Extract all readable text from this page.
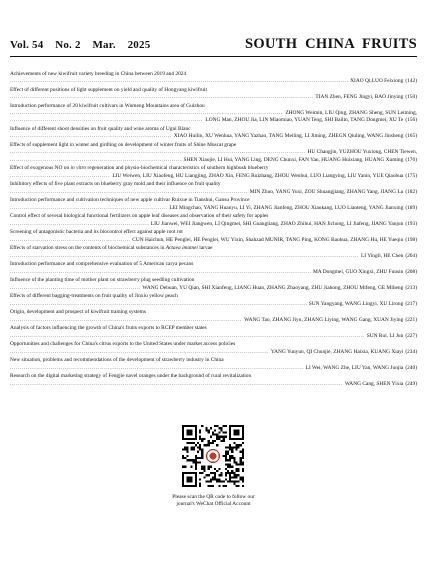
Vol. 54 No. 2 Mar. 2025	SOUTH  CHINA  FRUITS
Achievements of new kiwifruit variety breeding in China between 2019 and 2024
.....
XIAO Qi,LUO Feixiong (142)
Effect of different positions of light supplement on yield and quality of Hongyang kiwifruit
.....
TIAN Zhen, FENG Jingyi, BAO Jinying (150)
Introduction performance of 20 kiwifruit cultivars in Wumeng Mountains area of Guizhou
.....
ZHONG Weimin, LIU Qing, ZHANG Sheng, SUN Leiming,
.....
LONG Man, ZHOU Jia, LIN Miaomiao, YUAN Teng, SHI Bailin, TANG Dongmei, XU Te (156)
Influence of different shoot densities on fruit quality and wine aroma of Ugni Blanc
.....
XIAO Huilin, XU Wenhua, YANG Yazhao, TANG Meiling, LI Jiming, ZHEGN Qiuling, WANG Jinsheng (165)
Effects of supplement light in winter and girdling on development of winter fruits of Shine Muscat grape
.....
HU Changjin, YUZHOU Yuxiong, CHEN Tiewen,
.....
SHEN Xiaojie, LI Hui, YANG Ling, DENG Chunxi, FAN Yan, HUANG Huixiang, HUANG Xuming (170)
Effect of exogenous NO on in vitro regeneration and physio-biochemical characteristics of southern highbush blueberry
.....
LIU Weiwen, LIU Xiaofeng, HU Liangjing, ZHAO Xin, FENG Ruizhang, ZHOU Wenhui, LUO Liangying, LIU Yanin, YUE Qiaohua (175)
Inhibitory effects of five plant extracts on blueberry gray mold and their influence on fruit quality
.....
MIN Zhuo, YANG Yuxi, ZOU Shuangjiang, ZHANG Yang, JIANG Lu (182)
Introduction performance and cultivation techniques of new apple cultivar Ruixue in Tianshui, Gansu Province
.....
LEI Mingchao, YANG Huanyu, LI Yi, ZHANG Jianfeng, ZHOU Xiaokang, LUO Lianteng, YANG Jianxing (189)
Control effect of several biological functional fertilizers on apple leaf diseases and observation of their safety for apples
.....
LIU Jianwei, WEI Jiangwen, LI Qingmei, SHI Guangliang, ZHAO Zhihui, HAN Jichong, LI Jiafeng, JIANG Yanjun (193)
Screening of antagonistic bacteria and its biocontrol effect against apple root rot
.....
CUN Haichun, HE Penglei, HE Penglei, WU Yixin, Shahzad MUNIR, TANG Ping, KONG Baohua, ZHANG Hu, HE Yueqiu (198)
Effects of starvation stress on the contents of biochemical substances in Actaea imamei larvae
.....
LI Yingli, HE Chen (204)
Introduction performance and comprehensive evaluation of 5 American carya pecans
.....
MA Dongmei, GUO Xingxi, ZHU Funsin (208)
Influence of the planting time of mother plant on strawberry plug seedling cultivation
.....
WANG Debuan, YU Qian, SHI Xianfeng, LIANG Huan, ZHANG Zhaoyang, ZHU Jiahong, ZHOU Mifeng, GE Miheng (213)
Effects of different bagging-treatments on fruit quality of Jinxiu yellow peach
.....
SUN Yangyang, WANG Lingyi, XU Lirong (217)
Origin, development and prospect of kiwifruit training systems
.....
WANG Tao, ZHANG Jiyu, ZHANG Liying, WANG Gang, XUAN Jiying (221)
Analysis of factors influencing the growth of China's fruits exports to RCEP member states
.....
SUN Rui, LI Jun (227)
Opportunities and challenges for China's citrus exports to the United States under market access policies
.....
YANG Yunyun, QI Chunjie, ZHANG Haixia, KUANG Xiayi (234)
New situation, problems and recommendations of the development of strawberry industry in China
.....
LI Wei, WANG Zhe, LIU Yan, WANG Junjia (240)
Research on the digital marketing strategy of Fengjie navel oranges under the background of rural revitalization
.....
WANG Cang, SHEN Yixia (249)
Please scan the QR code to follow our
journal's WeChat Official Account
